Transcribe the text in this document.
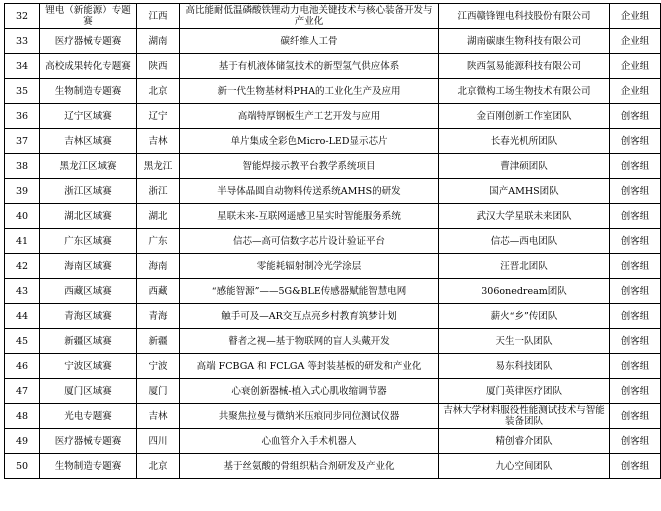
32	锂电（新能源）专题赛	江西	高比能耐低温磷酸铁锂动力电池关键技术与核心装备开发与产业化	江西赣锋锂电科技股份有限公司	企业组
33	医疗器械专题赛	湖南	碳纤维人工骨	湖南碳康生物科技有限公司	企业组
34	高校成果转化专题赛	陕西	基于有机液体储氢技术的新型氢气供应体系	陕西氢易能源科技有限公司	企业组
35	生物制造专题赛	北京	新一代生物基材料PHA的工业化生产及应用	北京微构工场生物技术有限公司	企业组
36	辽宁区域赛	辽宁	高端特厚钢板生产工艺开发与应用	金百刚创新工作室团队	创客组
37	吉林区域赛	吉林	单片集成全彩色Micro-LED显示芯片	长春光机所团队	创客组
38	黑龙江区域赛	黑龙江	智能焊接示教平台教学系统项目	曹津硕团队	创客组
39	浙江区域赛	浙江	半导体晶圆自动物料传送系统AMHS的研发	国产AMHS团队	创客组
40	湖北区域赛	湖北	星联未来-互联网遥感卫星实时智能服务系统	武汉大学星联未来团队	创客组
41	广东区域赛	广东	信芯—高可信数字芯片设计验证平台	信芯—西电团队	创客组
42	海南区域赛	海南	零能耗辐射制冷光学涂层	汪晋北团队	创客组
43	西藏区域赛	西藏	“感能智源”——5G&BLE传感器赋能智慧电网	306onedream团队	创客组
44	青海区域赛	青海	触手可及—AR交互点亮乡村教育筑梦计划	薪火“乡”传团队	创客组
45	新疆区域赛	新疆	瞽者之视—基于物联网的盲人头戴开发	天生一队团队	创客组
46	宁波区域赛	宁波	高端 FCBGA 和 FCLGA 等封装基板的研发和产业化	易东科技团队	创客组
47	厦门区域赛	厦门	心衰创新器械-植入式心肌收缩调节器	厦门英律医疗团队	创客组
48	光电专题赛	吉林	共聚焦拉曼与微纳米压痕同步同位测试仪器	吉林大学材料服役性能测试技术与智能装备团队	创客组
49	医疗器械专题赛	四川	心血管介入手术机器人	精创睿介团队	创客组
50	生物制造专题赛	北京	基于丝氨酸的骨组织粘合剂研发及产业化	九心空间团队	创客组
